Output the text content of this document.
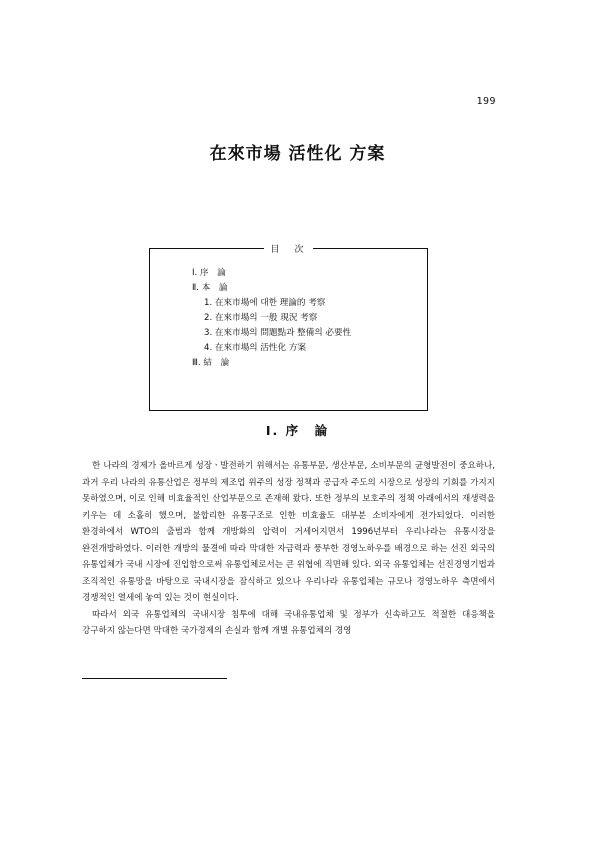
199
在來市場 活性化 方案
目　次
Ⅰ. 序　論
Ⅱ. 本　論
1. 在來市場에 대한 理論的 考察
2. 在來市場의 一般 現況 考察
3. 在來市場의 問題點과 整備의 必要性
4. 在來市場의 活性化 方案
Ⅲ. 結　論
Ⅰ. 序　論

한 나라의 경제가 올바르게 성장ㆍ발전하기 위해서는 유통부문, 생산부문, 소비부문의 균형발전이 중요하나, 과거 우리 나라의 유통산업은 정부의 제조업 위주의 성장 정책과 공급자 주도의 시장으로 성장의 기회를 가지지 못하였으며, 이로 인해 비효율적인 산업부문으로 존재해 왔다. 또한 정부의 보호주의 정책 아래에서의 재생력을 키우는 데 소홀히 했으며, 불합리한 유통구조로 인한 비효율도 대부분 소비자에게 전가되었다. 이러한 환경하에서 WTO의 출범과 함께 개방화의 압력이 거세어지면서 1996년부터 우리나라는 유통시장을 완전개방하였다. 이러한 개방의 물결에 따라 막대한 자금력과 풍부한 경영노하우를 배경으로 하는 선진 외국의 유통업체가 국내 시장에 진입함으로써 유통업체로서는 큰 위협에 직면해 있다. 외국 유통업체는 선진경영기법과 조직적인 유통망을 바탕으로 국내시장을 잠식하고 있으나 우리나라 유통업체는 규모나 경영노하우 측면에서 경쟁적인 열세에 놓여 있는 것이 현실이다.

따라서 외국 유통업체의 국내시장 침투에 대해 국내유통업체 및 정부가 신속하고도 적절한 대응책을 강구하지 않는다면 막대한 국가경제의 손실과 함께 개별 유통업체의 경영
